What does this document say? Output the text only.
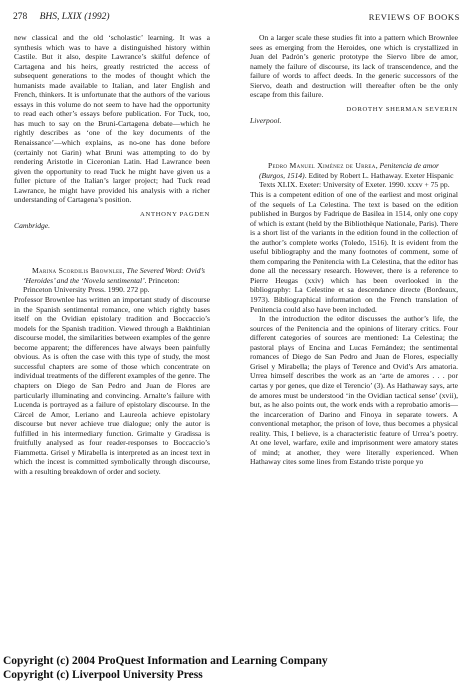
278 BHS, LXIX (1992)	REVIEWS OF BOOKS

new classical and the old ‘scholastic’ learning. It was a synthesis which was to have a distinguished history within Castile. But it also, despite Lawrance’s skilful defence of Cartagena and his heirs, greatly restricted the access of subsequent generations to the modes of thought which the humanists made available to Italian, and later English and French, thinkers. It is unfortunate that the authors of the various essays in this volume do not seem to have had the opportunity to read each other’s essays before publication. For Tuck, too, has much to say on the Bruni-Cartagena debate—which he rightly describes as ‘one of the key documents of the Renaissance’—which explains, as no-one has done before (certainly not Garin) what Bruni was attempting to do by rendering Aristotle in Ciceronian Latin. Had Lawrance been given the opportunity to read Tuck he might have given us a fuller picture of the Italian’s larger project; had Tuck read Lawrance, he might have provided his analysis with a richer understanding of Cartagena’s position.

ANTHONY PAGDEN
Cambridge.

Marina Scordilis Brownlee, The Severed Word: Ovid’s ‘Heroides’ and the ‘Novela sentimental’. Princeton: Princeton University Press. 1990. 272 pp.

Professor Brownlee has written an important study of discourse in the Spanish sentimental romance, one which rightly bases itself on the Ovidian epistolary tradition and Boccaccio’s models for the Spanish tradition. Viewed through a Bakhtinian discourse model, the similarities between examples of the genre become apparent; the differences have always been painfully obvious. As is often the case with this type of study, the most successful chapters are some of those which concentrate on individual treatments of the different examples of the genre. The chapters on Diego de San Pedro and Juan de Flores are particularly illuminating and convincing. Arnalte’s failure with Lucenda is portrayed as a failure of epistolary discourse. In the Cárcel de Amor, Leriano and Laureola achieve epistolary discourse but never achieve true dialogue; only the autor is fulfilled in his intermediary function. Grimalte y Gradissa is fruitfully analysed as four reader-responses to Boccaccio’s Fiammetta. Grisel y Mirabella is interpreted as an incest text in which the incest is committed symbolically through discourse, with a resulting breakdown of order and society.

On a larger scale these studies fit into a pattern which Brownlee sees as emerging from the Heroides, one which is crystallized in Juan del Padrón’s generic prototype the Siervo libre de amor, namely the failure of discourse, its lack of transcendence, and the failure of words to affect deeds. In the generic successors of the Siervo, death and destruction will thereafter often be the only escape from this failure.

DOROTHY SHERMAN SEVERIN
Liverpool.

Pedro Manuel Ximénez de Urrea, Penitencia de amor (Burgos, 1514). Edited by Robert L. Hathaway. Exeter Hispanic Texts XLIX. Exeter: University of Exeter. 1990. xxxv + 75 pp.

This is a competent edition of one of the earliest and most original of the sequels of La Celestina. The text is based on the edition published in Burgos by Fadrique de Basilea in 1514, only one copy of which is extant (held by the Bibliothèque Nationale, Paris). There is a short list of the variants in the edition found in the collection of the author’s complete works (Toledo, 1516). It is evident from the useful bibliography and the many footnotes of comment, some of them comparing the Penitencia with La Celestina, that the editor has done all the necessary research. However, there is a reference to Pierre Heugas (xxiv) which has been overlooked in the bibliography: La Celestine et sa descendance directe (Bordeaux, 1973). Bibliographical information on the French translation of Penitencia could also have been included.

In the introduction the editor discusses the author’s life, the sources of the Penitencia and the opinions of literary critics. Four different categories of sources are mentioned: La Celestina; the pastoral plays of Encina and Lucas Fernández; the sentimental romances of Diego de San Pedro and Juan de Flores, especially Grisel y Mirabella; the plays of Terence and Ovid’s Ars amatoria. Urrea himself describes the work as an ‘arte de amores . . . por cartas y por genes, que dize el Terencio’ (3). As Hathaway says, arte de amores must be understood ‘in the Ovidian tactical sense’ (xvii), but, as he also points out, the work ends with a reprobatio amoris—the incarceration of Darino and Finoya in separate towers. A conventional metaphor, the prison of love, thus becomes a physical reality. This, I believe, is a characteristic feature of Urrea’s poetry. At one level, warfare, exile and imprisonment were amatory states of mind; at another, they were literally experienced. When Hathaway cites some lines from Estando triste porque yo

Copyright (c) 2004 ProQuest Information and Learning Company
Copyright (c) Liverpool University Press
